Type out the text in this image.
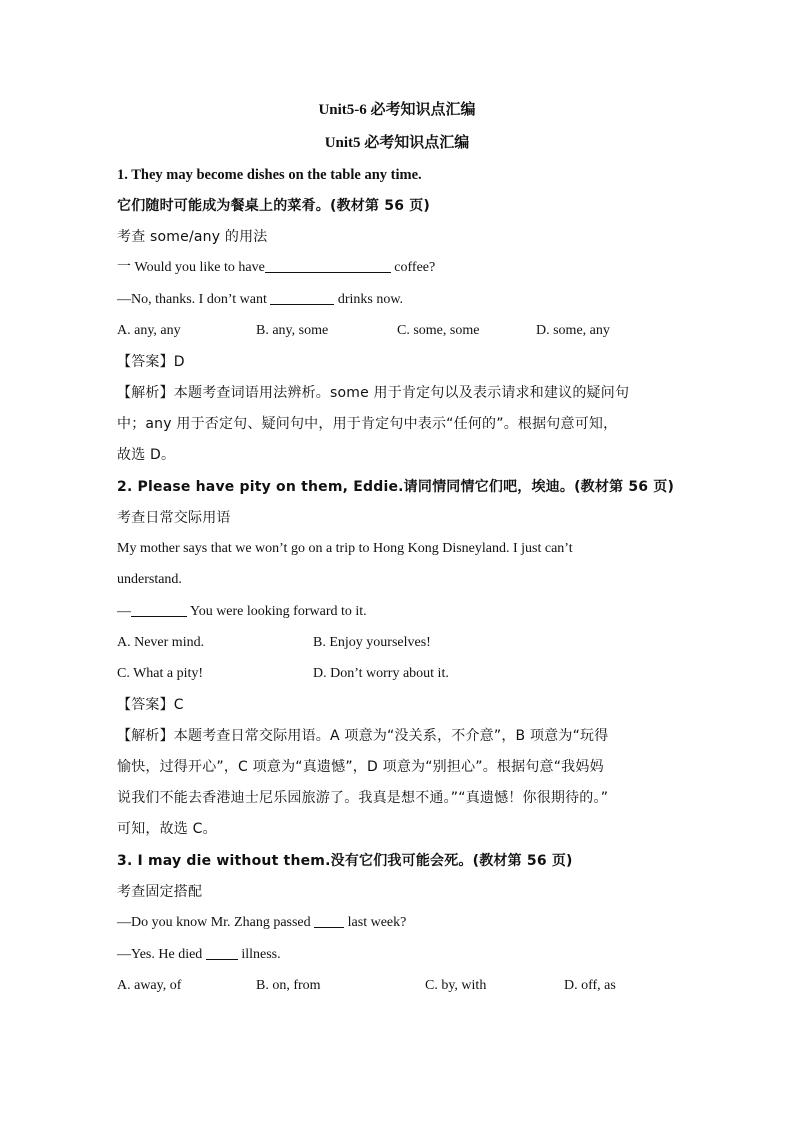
Unit5-6 必考知识点汇编
Unit5 必考知识点汇编
1. They may become dishes on the table any time.
它们随时可能成为餐桌上的菜肴。(教材第 56 页)
考查 some/any 的用法
一 Would you like to have	coffee?
—No, thanks. I don’t want	drinks now.
A. any, any	B. any, some	C. some, some	D. some, any
【答案】D
【解析】本题考查词语用法辨析。some 用于肯定句以及表示请求和建议的疑问句
中；any 用于否定句、疑问句中，用于肯定句中表示“任何的”。根据句意可知，
故选 D。
2. Please have pity on them, Eddie.请同情同情它们吧，埃迪。(教材第 56 页)
考查日常交际用语
My mother says that we won’t go on a trip to Hong Kong Disneyland. I just can’t
understand.
—	You were looking forward to it.
A. Never mind.	B. Enjoy yourselves!
C. What a pity!	D. Don’t worry about it.
【答案】C
【解析】本题考查日常交际用语。A 项意为“没关系，不介意”，B 项意为“玩得
愉快，过得开心”，C 项意为“真遗憾”，D 项意为“别担心”。根据句意“我妈妈
说我们不能去香港迪士尼乐园旅游了。我真是想不通。”“真遗憾！你很期待的。”
可知，故选 C。
3. I may die without them.没有它们我可能会死。(教材第 56 页)
考查固定搭配
—Do you know Mr. Zhang passed  last week?
—Yes. He died  illness.
A. away, of	B. on, from	C. by, with	D. off, as
